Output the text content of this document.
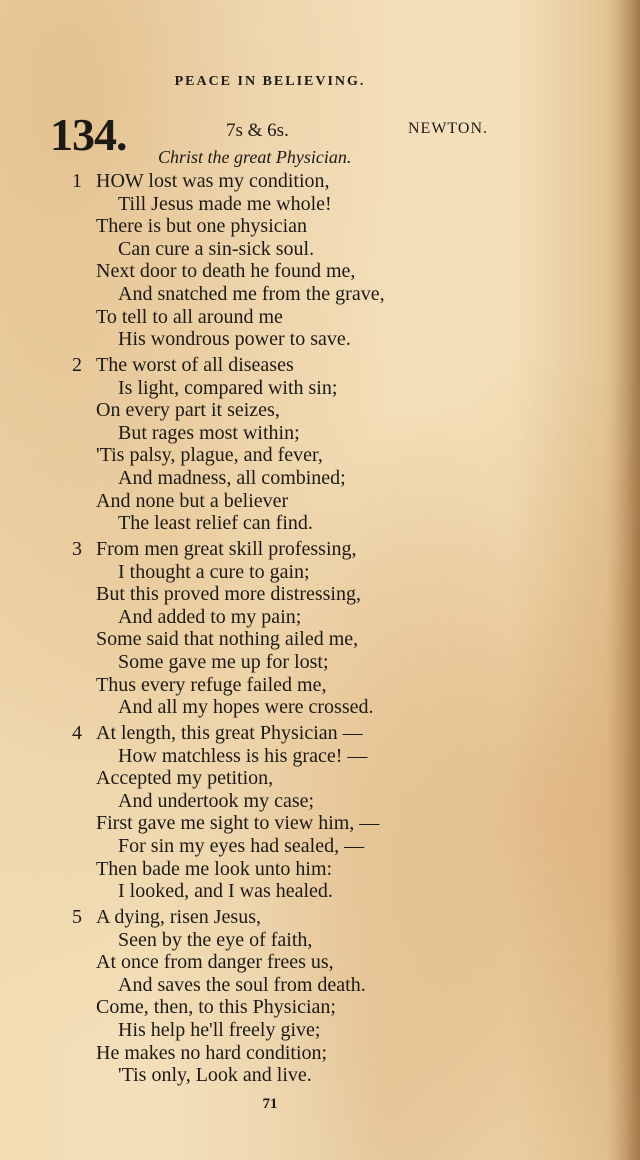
PEACE IN BELIEVING.
134.	7s & 6s.	NEWTON.
Christ the great Physician.
1 HOW lost was my condition,
Till Jesus made me whole!
There is but one physician
Can cure a sin-sick soul.
Next door to death he found me,
And snatched me from the grave,
To tell to all around me
His wondrous power to save.
2 The worst of all diseases
Is light, compared with sin;
On every part it seizes,
But rages most within;
'Tis palsy, plague, and fever,
And madness, all combined;
And none but a believer
The least relief can find.
3 From men great skill professing,
I thought a cure to gain;
But this proved more distressing,
And added to my pain;
Some said that nothing ailed me,
Some gave me up for lost;
Thus every refuge failed me,
And all my hopes were crossed.
4 At length, this great Physician —
How matchless is his grace! —
Accepted my petition,
And undertook my case;
First gave me sight to view him, —
For sin my eyes had sealed, —
Then bade me look unto him:
I looked, and I was healed.
5 A dying, risen Jesus,
Seen by the eye of faith,
At once from danger frees us,
And saves the soul from death.
Come, then, to this Physician;
His help he'll freely give;
He makes no hard condition;
'Tis only, Look and live.
71
